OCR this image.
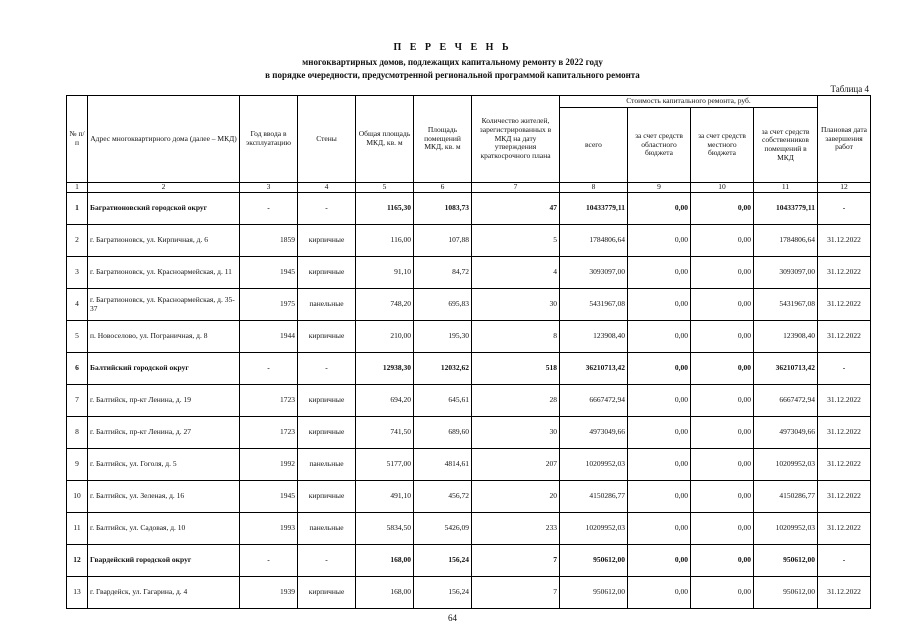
П Е Р Е Ч Е Н Ь
многоквартирных домов, подлежащих капитальному ремонту в 2022 году
в порядке очередности, предусмотренной региональной программой капитального ремонта
Таблица 4
№ п/п	Адрес многоквартирного дома (далее – МКД)	Год ввода в эксплуатацию	Стены	Общая площадь МКД, кв. м	Площадь помещений МКД, кв. м	Количество жителей, зарегистрированных в МКД на дату утверждения краткосрочного плана	Стоимость капитального ремонта, руб.				Плановая дата завершения работ
							всего	за счет средств областного бюджета	за счет средств местного бюджета	за счет средств собственников помещений в МКД	
1	2	3	4	5	6	7	8	9	10	11	12
1	Багратионовский городской округ	-	-	1165,30	1083,73	47	10433779,11	0,00	0,00	10433779,11	-
2	г. Багратионовск, ул. Кирпичная, д. 6	1859	кирпичные	116,00	107,88	5	1784806,64	0,00	0,00	1784806,64	31.12.2022
3	г. Багратионовск, ул. Красноармейская, д. 11	1945	кирпичные	91,10	84,72	4	3093097,00	0,00	0,00	3093097,00	31.12.2022
4	г. Багратионовск, ул. Красноармейская, д. 35-37	1975	панельные	748,20	695,83	30	5431967,08	0,00	0,00	5431967,08	31.12.2022
5	п. Новоселово, ул. Пограничная, д. 8	1944	кирпичные	210,00	195,30	8	123908,40	0,00	0,00	123908,40	31.12.2022
6	Балтийский городской округ	-	-	12938,30	12032,62	518	36210713,42	0,00	0,00	36210713,42	-
7	г. Балтийск, пр-кт Ленина, д. 19	1723	кирпичные	694,20	645,61	28	6667472,94	0,00	0,00	6667472,94	31.12.2022
8	г. Балтийск, пр-кт Ленина, д. 27	1723	кирпичные	741,50	689,60	30	4973049,66	0,00	0,00	4973049,66	31.12.2022
9	г. Балтийск, ул. Гоголя, д. 5	1992	панельные	5177,00	4814,61	207	10209952,03	0,00	0,00	10209952,03	31.12.2022
10	г. Балтийск, ул. Зеленая, д. 16	1945	кирпичные	491,10	456,72	20	4150286,77	0,00	0,00	4150286,77	31.12.2022
11	г. Балтийск, ул. Садовая, д. 10	1993	панельные	5834,50	5426,09	233	10209952,03	0,00	0,00	10209952,03	31.12.2022
12	Гвардейский городской округ	-	-	168,00	156,24	7	950612,00	0,00	0,00	950612,00	-
13	г. Гвардейск, ул. Гагарина, д. 4	1939	кирпичные	168,00	156,24	7	950612,00	0,00	0,00	950612,00	31.12.2022
64
